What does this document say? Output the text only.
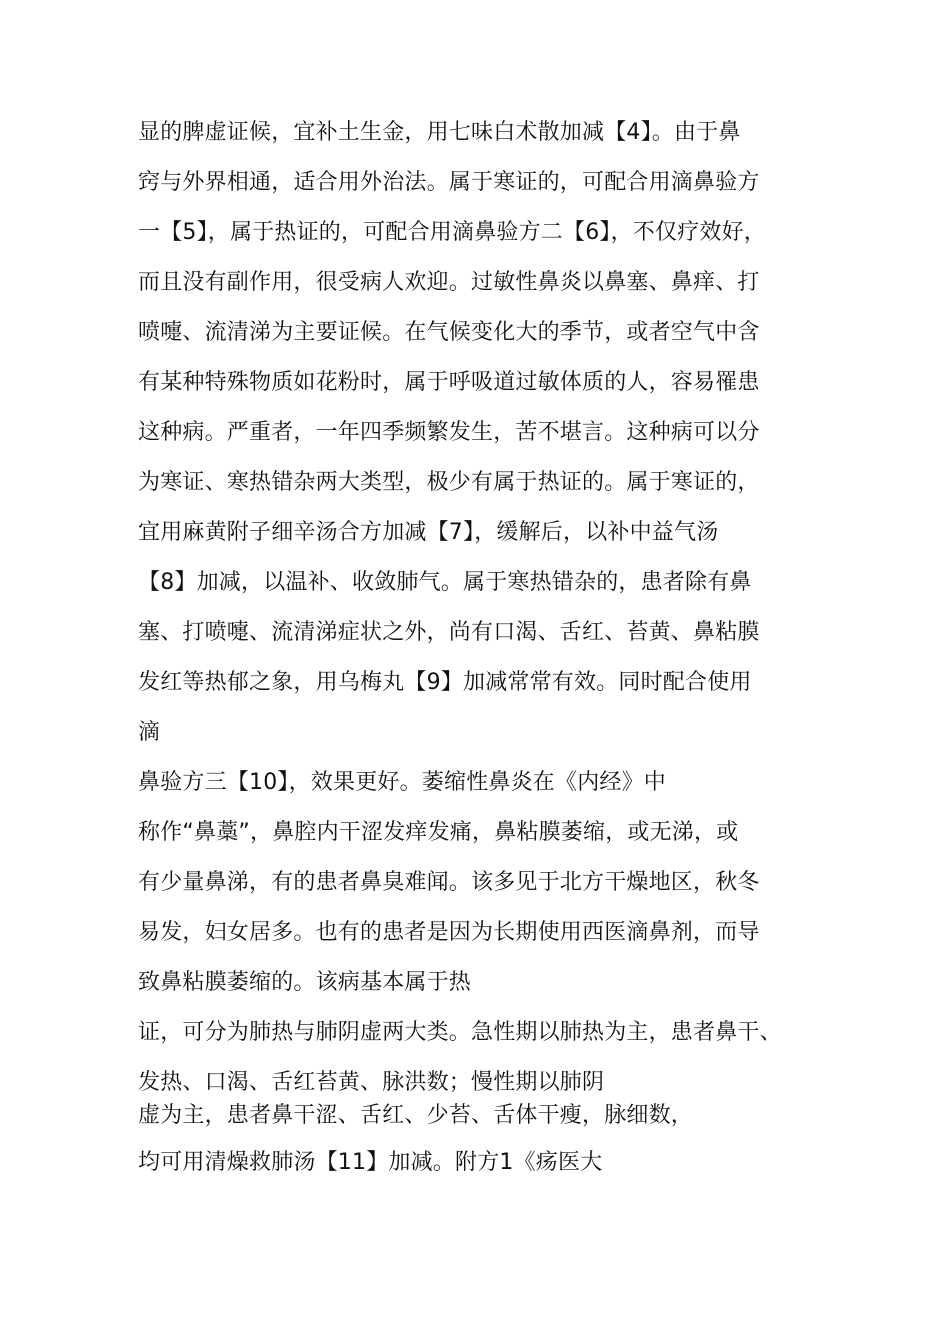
显的脾虚证候，宜补土生金，用七味白术散加减【4】。由于鼻
窍与外界相通，适合用外治法。属于寒证的，可配合用滴鼻验方
一【5】，属于热证的，可配合用滴鼻验方二【6】，不仅疗效好，
而且没有副作用，很受病人欢迎。过敏性鼻炎以鼻塞、鼻痒、打
喷嚏、流清涕为主要证候。在气候变化大的季节，或者空气中含
有某种特殊物质如花粉时，属于呼吸道过敏体质的人，容易罹患
这种病。严重者，一年四季频繁发生，苦不堪言。这种病可以分
为寒证、寒热错杂两大类型，极少有属于热证的。属于寒证的，
宜用麻黄附子细辛汤合方加减【7】，缓解后，以补中益气汤
【8】加减，以温补、收敛肺气。属于寒热错杂的，患者除有鼻
塞、打喷嚏、流清涕症状之外，尚有口渴、舌红、苔黄、鼻粘膜
发红等热郁之象，用乌梅丸【9】加减常常有效。同时配合使用
滴
鼻验方三【10】，效果更好。萎缩性鼻炎在《内经》中
称作“鼻藁”，鼻腔内干涩发痒发痛，鼻粘膜萎缩，或无涕，或
有少量鼻涕，有的患者鼻臭难闻。该多见于北方干燥地区，秋冬
易发，妇女居多。也有的患者是因为长期使用西医滴鼻剂，而导
致鼻粘膜萎缩的。该病基本属于热
证，可分为肺热与肺阴虚两大类。急性期以肺热为主，患者鼻干、
发热、口渴、舌红苔黄、脉洪数；慢性期以肺阴
虚为主，患者鼻干涩、舌红、少苔、舌体干瘦，脉细数，
均可用清燥救肺汤【11】加减。附方1《疡医大
